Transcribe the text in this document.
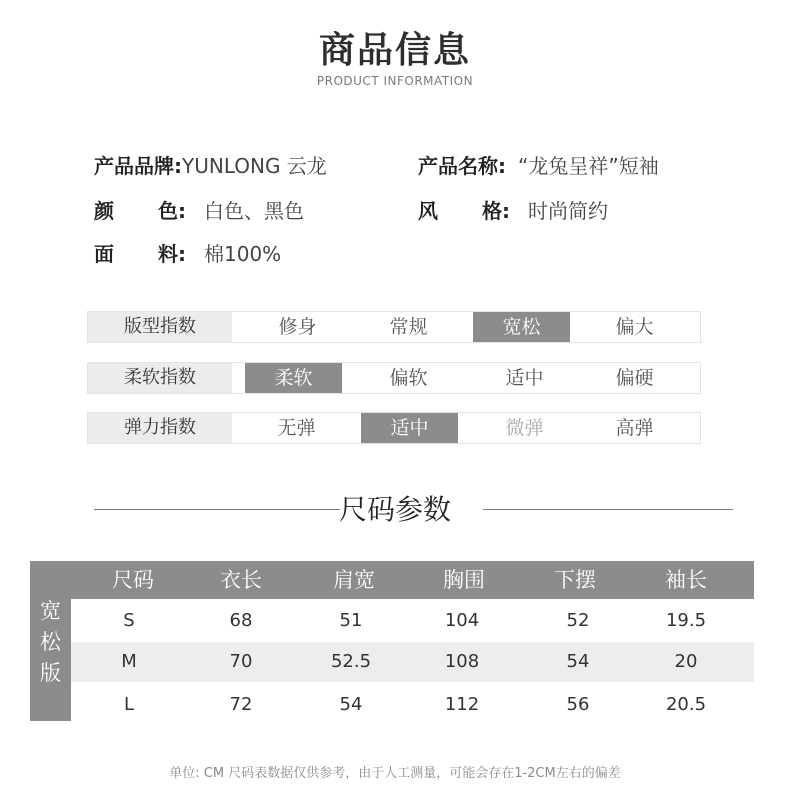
商品信息
PRODUCT INFORMATION
产品品牌:YUNLONG 云龙	产品名称: “龙兔呈祥”短袖
颜 色: 白色、黑色	风 格: 时尚简约
面 料: 棉100%
版型指数	修身	常规	宽松	偏大
柔软指数	柔软	偏软	适中	偏硬
弹力指数	无弹	适中	微弹	高弹
尺码参数
宽
松
版
尺码	衣长	肩宽	胸围	下摆	袖长
S	68	51	104	52	19.5
M	70	52.5	108	54	20
L	72	54	112	56	20.5
单位: CM 尺码表数据仅供参考，由于人工测量，可能会存在1-2CM左右的偏差
